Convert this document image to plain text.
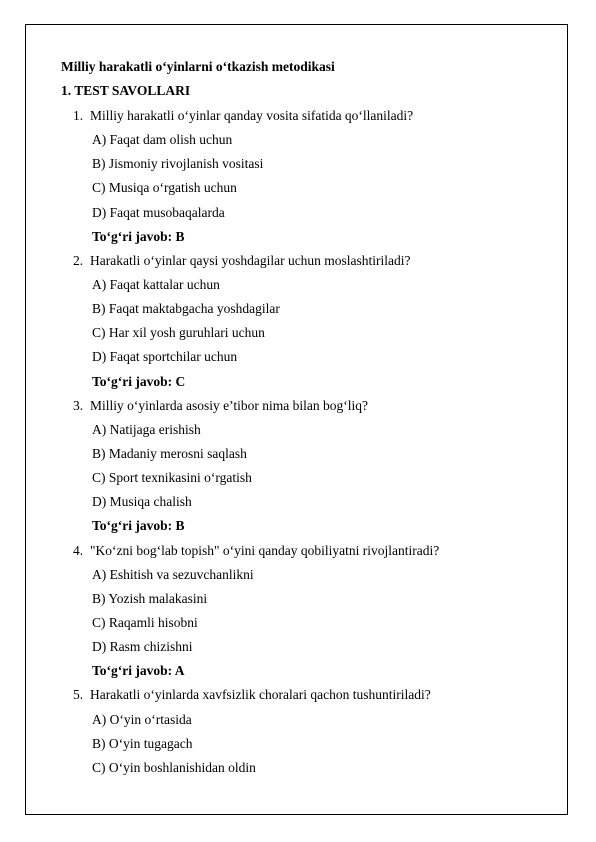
Milliy harakatli o‘yinlarni o‘tkazish metodikasi
1. TEST SAVOLLARI
1. Milliy harakatli o‘yinlar qanday vosita sifatida qo‘llaniladi?
A) Faqat dam olish uchun
B) Jismoniy rivojlanish vositasi
C) Musiqa o‘rgatish uchun
D) Faqat musobaqalarda
To‘g‘ri javob: B
2. Harakatli o‘yinlar qaysi yoshdagilar uchun moslashtiriladi?
A) Faqat kattalar uchun
B) Faqat maktabgacha yoshdagilar
C) Har xil yosh guruhlari uchun
D) Faqat sportchilar uchun
To‘g‘ri javob: C
3. Milliy o‘yinlarda asosiy e’tibor nima bilan bog‘liq?
A) Natijaga erishish
B) Madaniy merosni saqlash
C) Sport texnikasini o‘rgatish
D) Musiqa chalish
To‘g‘ri javob: B
4. "Ko‘zni bog‘lab topish" o‘yini qanday qobiliyatni rivojlantiradi?
A) Eshitish va sezuvchanlikni
B) Yozish malakasini
C) Raqamli hisobni
D) Rasm chizishni
To‘g‘ri javob: A
5. Harakatli o‘yinlarda xavfsizlik choralari qachon tushuntiriladi?
A) O‘yin o‘rtasida
B) O‘yin tugagach
C) O‘yin boshlanishidan oldin
